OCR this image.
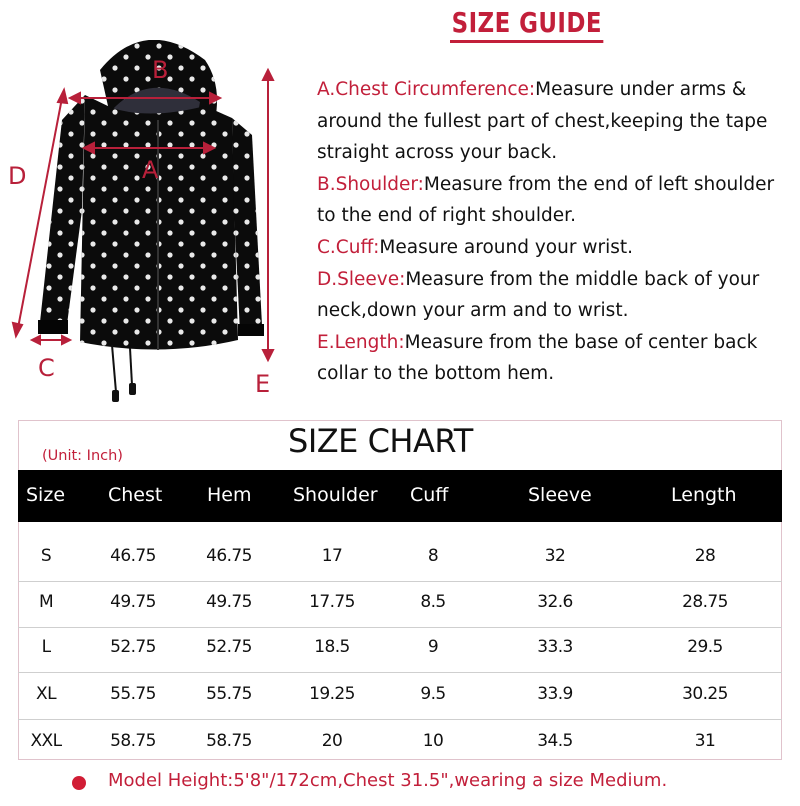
B
A
D
C
E
SIZE GUIDE
A.Chest Circumference:Measure under arms &
around the fullest part of chest,keeping the tape
straight across your back.
B.Shoulder:Measure from the end of left shoulder
to the end of right shoulder.
C.Cuff:Measure around your wrist.
D.Sleeve:Measure from the middle back of your
neck,down your arm and to wrist.
E.Length:Measure from the base of center back
collar to the bottom hem.
SIZE CHART
(Unit: Inch)
Size Chest Hem Shoulder Cuff	Sleeve	Length
S	46.75	46.75	17	8	32	28
M	49.75	49.75	17.75	8.5	32.6	28.75
L	52.75	52.75	18.5	9	33.3	29.5
XL	55.75	55.75	19.25	9.5	33.9	30.25
XXL	58.75	58.75	20	10	34.5	31
Model Height:5'8"/172cm,Chest 31.5",wearing a size Medium.
